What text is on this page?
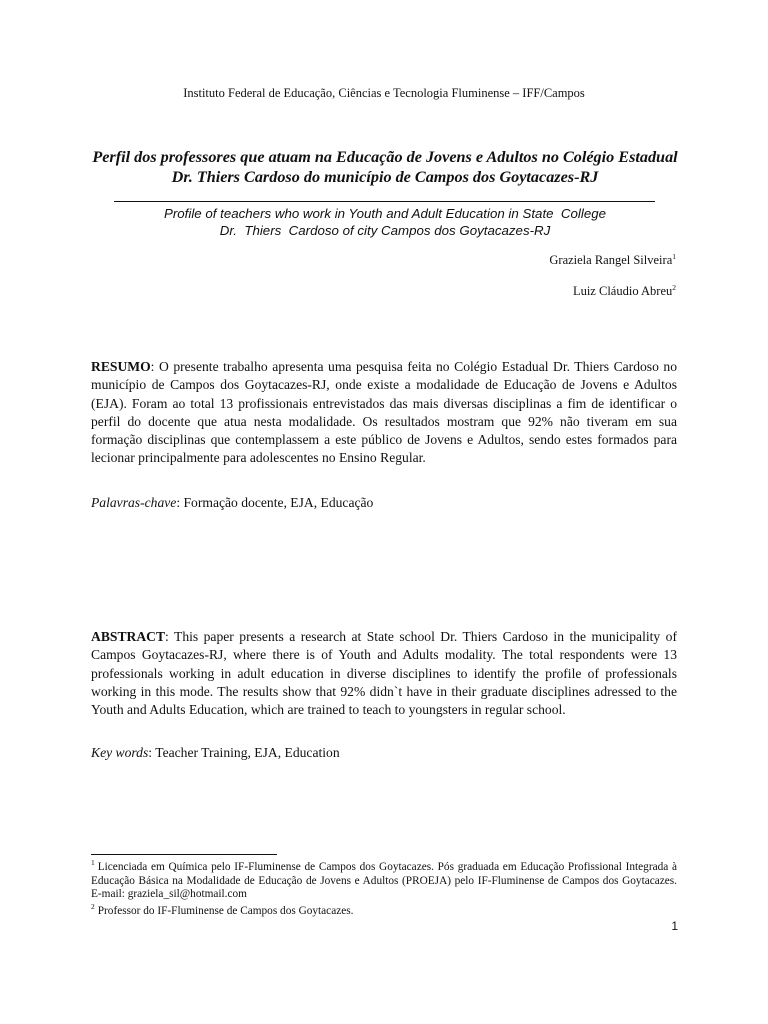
Instituto Federal de Educação, Ciências e Tecnologia Fluminense – IFF/Campos
Perfil dos professores que atuam na Educação de Jovens e Adultos no Colégio Estadual Dr. Thiers Cardoso do município de Campos dos Goytacazes-RJ
Profile of teachers who work in Youth and Adult Education in State  College
Dr.  Thiers  Cardoso of city Campos dos Goytacazes-RJ
Graziela Rangel Silveira$^1$
Luiz Cláudio Abreu$^2$
RESUMO: O presente trabalho apresenta uma pesquisa feita no Colégio Estadual Dr. Thiers Cardoso no município de Campos dos Goytacazes-RJ, onde existe a modalidade de Educação de Jovens e Adultos (EJA). Foram ao total 13 profissionais entrevistados das mais diversas disciplinas a fim de identificar o perfil do docente que atua nesta modalidade. Os resultados mostram que 92% não tiveram em sua formação disciplinas que contemplassem a este público de Jovens e Adultos, sendo estes formados para lecionar principalmente para adolescentes no Ensino Regular.
Palavras-chave: Formação docente, EJA, Educação
ABSTRACT: This paper presents a research at State school Dr. Thiers Cardoso in the municipality of Campos Goytacazes-RJ, where there is of Youth and Adults modality. The total respondents were 13 professionals working in adult education in diverse disciplines to identify the profile of professionals working in this mode. The results show that 92% didn`t have in their graduate disciplines adressed to the Youth and Adults Education, which are trained to teach to youngsters in regular school.
Key words: Teacher Training, EJA, Education
$^1$ Licenciada em Química pelo IF-Fluminense de Campos dos Goytacazes. Pós graduada em Educação Profissional Integrada à Educação Básica na Modalidade de Educação de Jovens e Adultos (PROEJA) pelo IF-Fluminense de Campos dos Goytacazes. E-mail: graziela_sil@hotmail.com
$^2$ Professor do IF-Fluminense de Campos dos Goytacazes.
1
